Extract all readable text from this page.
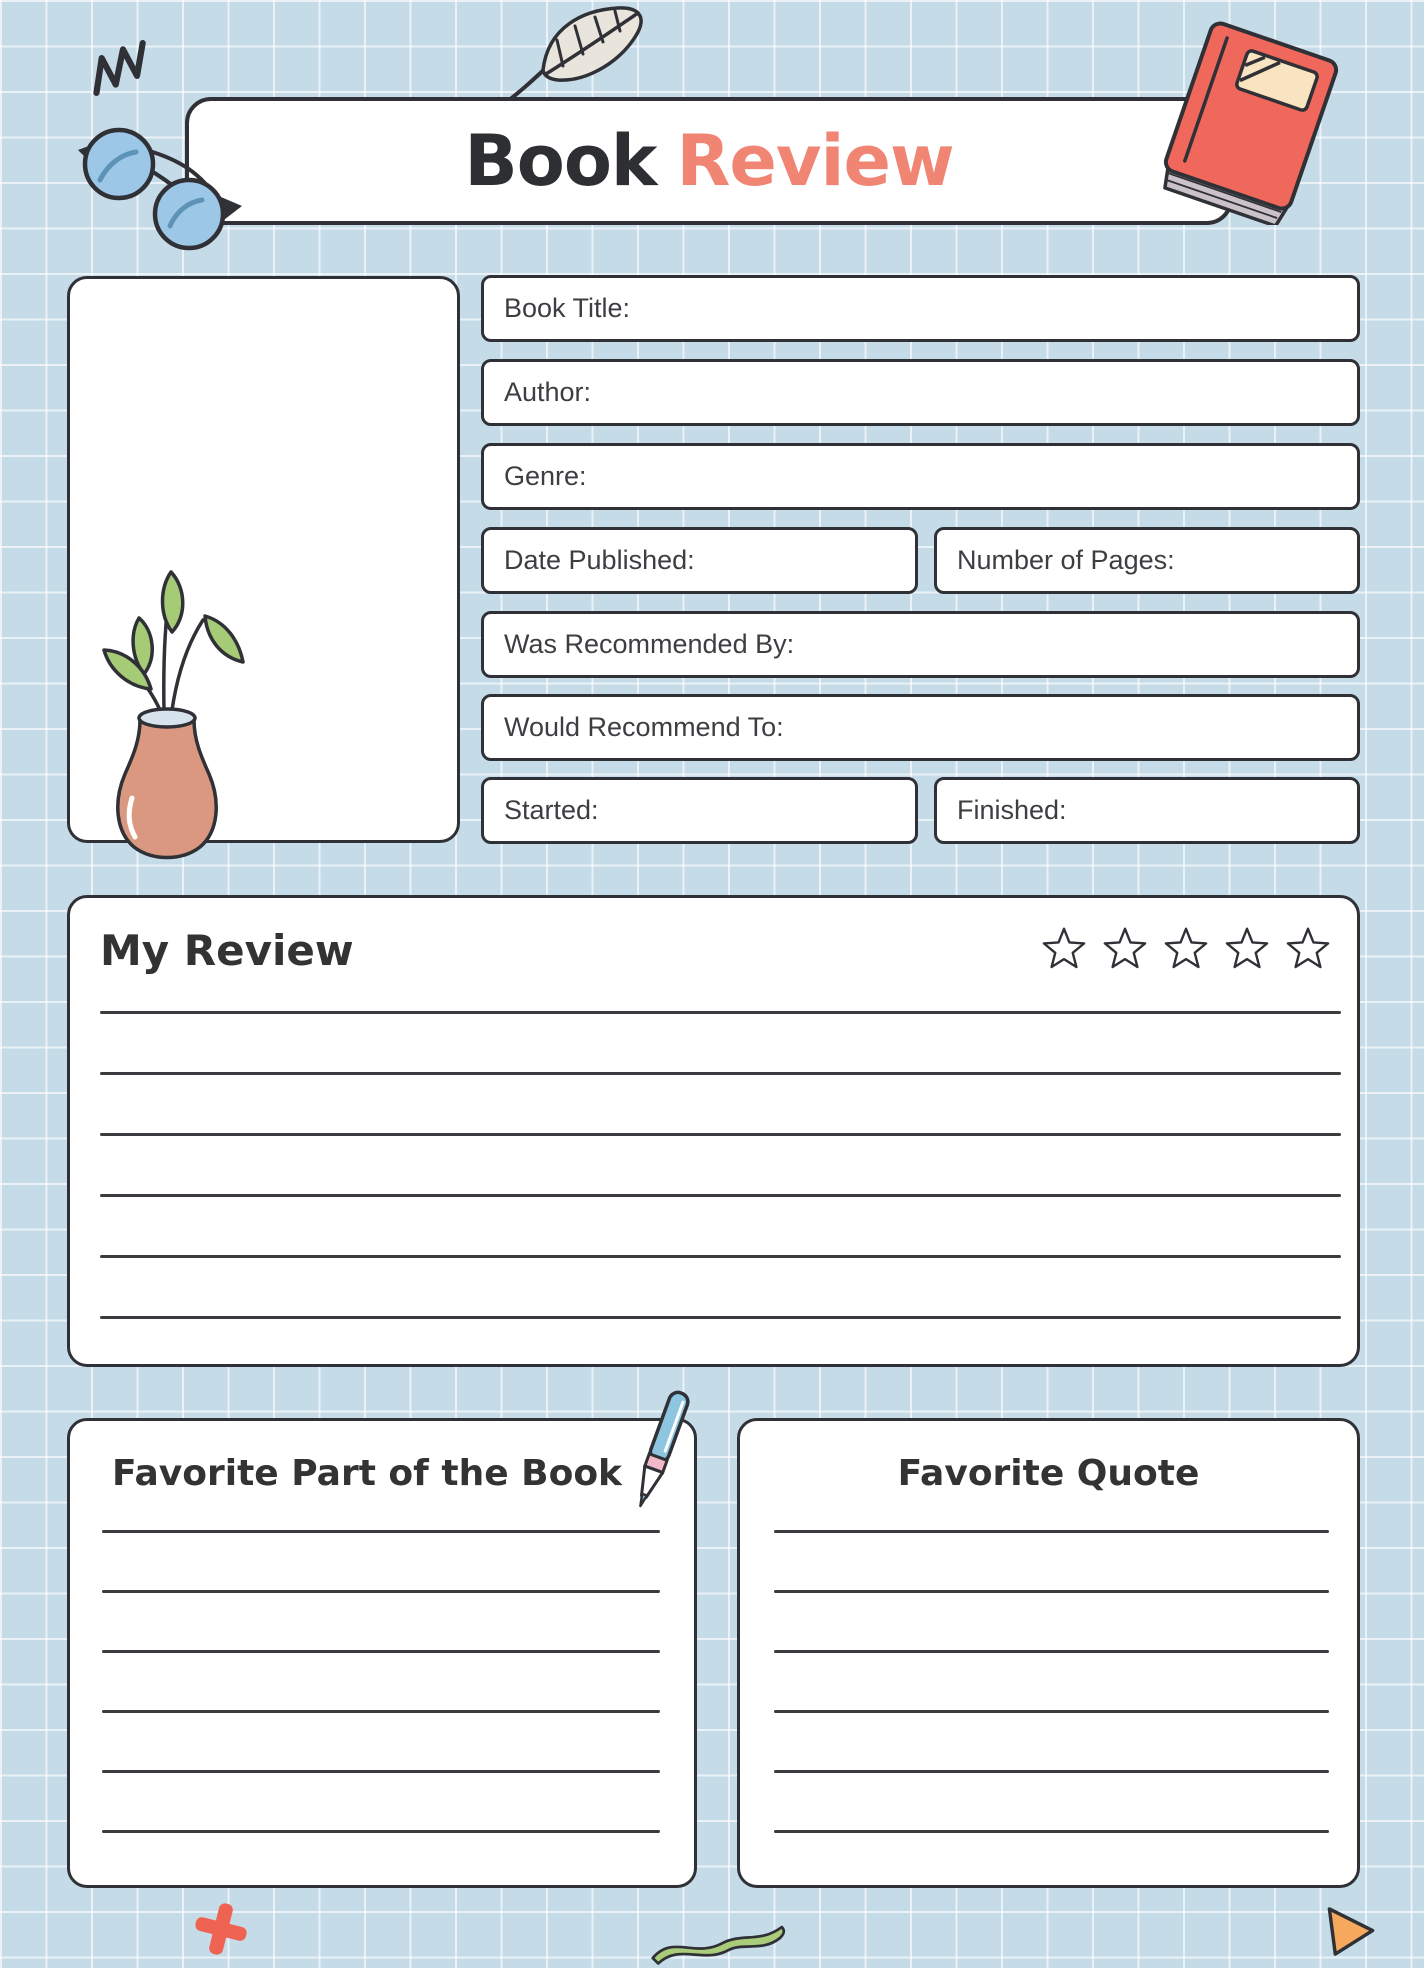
Book Review
Book Title:
Author:
Genre:
Date Published:	Number of Pages:
Was Recommended By:
Would Recommend To:
Started:	Finished:
My Review
Favorite Part of the Book	Favorite Quote
